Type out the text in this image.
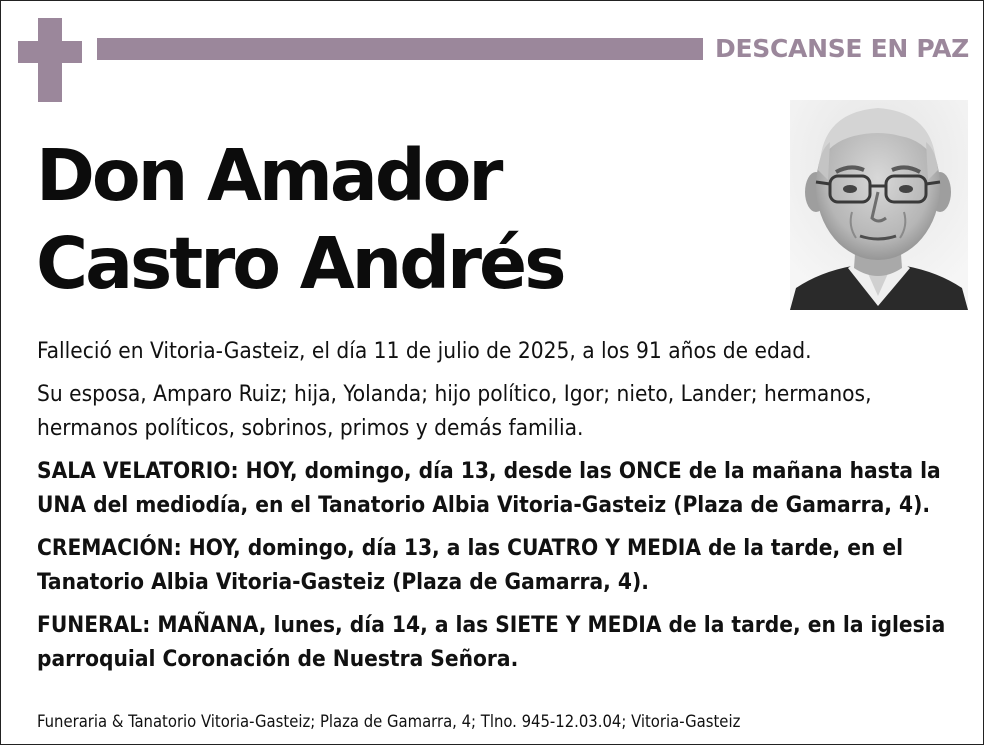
DESCANSE EN PAZ
Don Amador
Castro Andrés

Falleció en Vitoria-Gasteiz, el día 11 de julio de 2025, a los 91 años de edad.

Su esposa, Amparo Ruiz; hija, Yolanda; hijo político, Igor; nieto, Lander; hermanos, hermanos políticos, sobrinos, primos y demás familia.

SALA VELATORIO: HOY, domingo, día 13, desde las ONCE de la mañana hasta la UNA del mediodía, en el Tanatorio Albia Vitoria-Gasteiz (Plaza de Gamarra, 4).

CREMACIÓN: HOY, domingo, día 13, a las CUATRO Y MEDIA de la tarde, en el Tanatorio Albia Vitoria-Gasteiz (Plaza de Gamarra, 4).

FUNERAL: MAÑANA, lunes, día 14, a las SIETE Y MEDIA de la tarde, en la iglesia parroquial Coronación de Nuestra Señora.

Funeraria & Tanatorio Vitoria-Gasteiz; Plaza de Gamarra, 4; Tlno. 945-12.03.04; Vitoria-Gasteiz
